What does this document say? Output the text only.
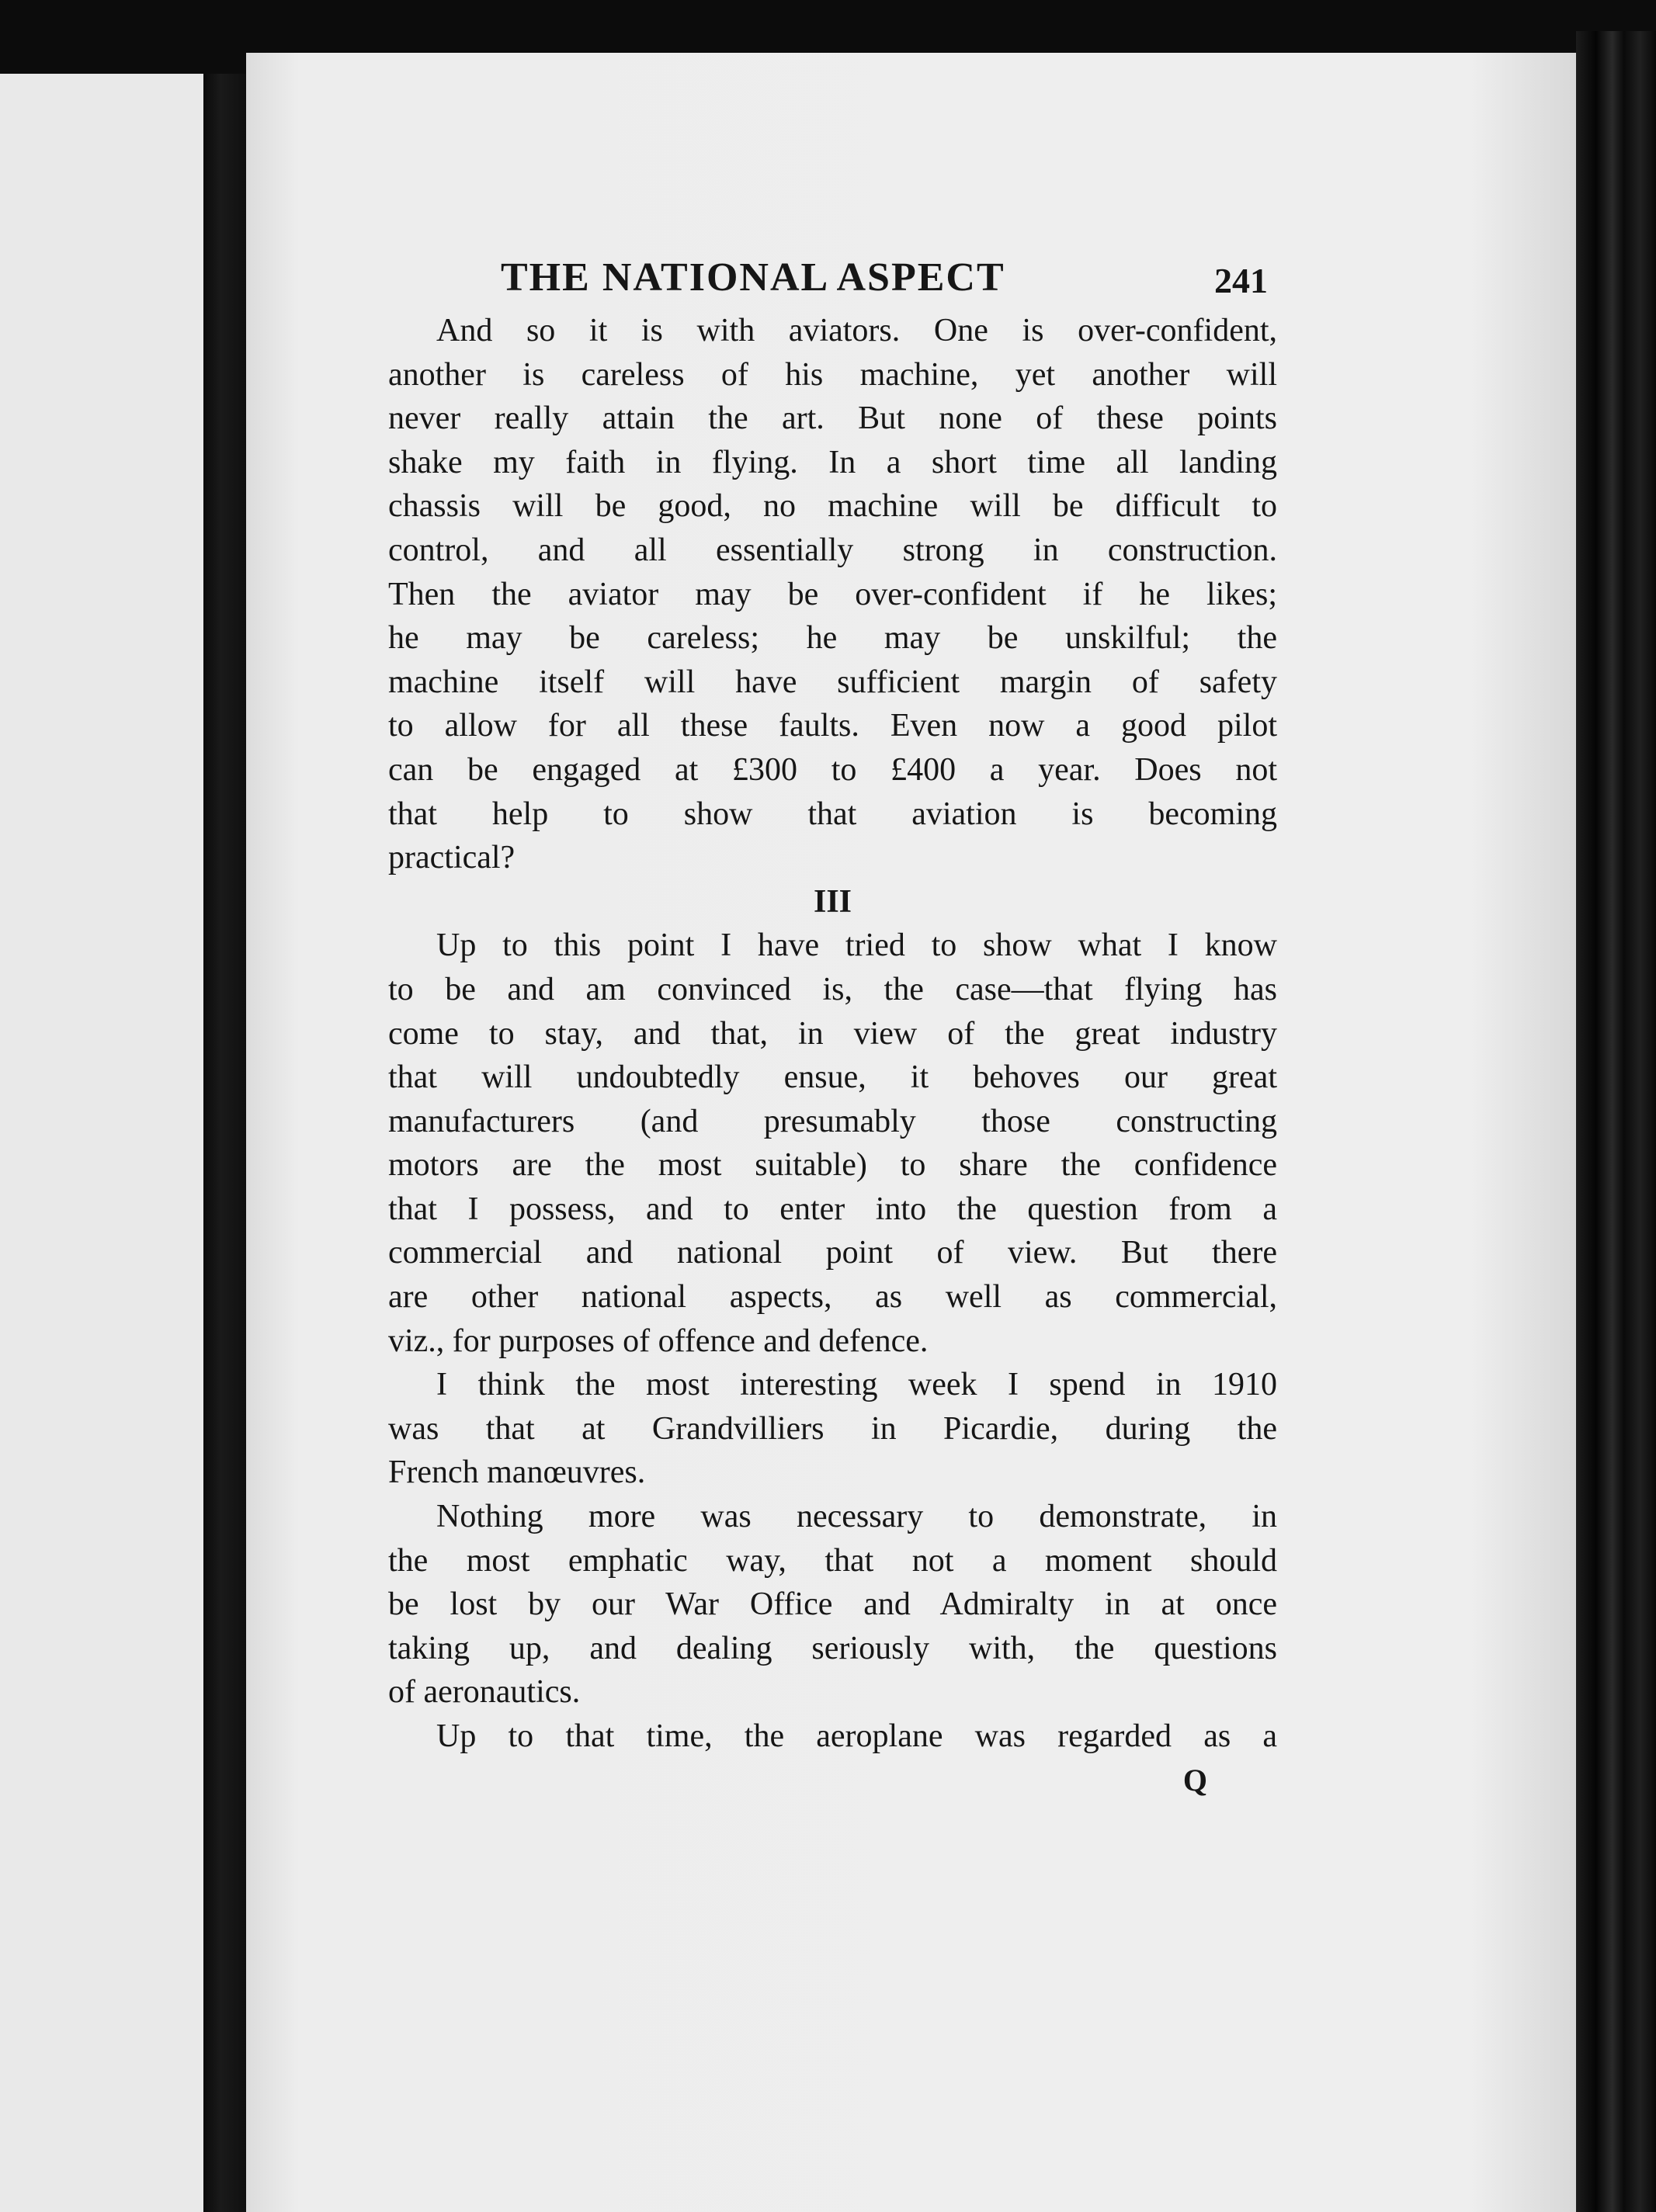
THE NATIONAL ASPECT	241
And so it is with aviators. One is over-confident,
another is careless of his machine, yet another will
never really attain the art. But none of these points
shake my faith in flying. In a short time all landing
chassis will be good, no machine will be difficult to
control, and all essentially strong in construction.
Then the aviator may be over-confident if he likes;
he may be careless; he may be unskilful; the
machine itself will have sufficient margin of safety
to allow for all these faults. Even now a good pilot
can be engaged at £300 to £400 a year. Does not
that help to show that aviation is becoming
practical?
III
Up to this point I have tried to show what I know
to be and am convinced is, the case—that flying has
come to stay, and that, in view of the great industry
that will undoubtedly ensue, it behoves our great
manufacturers (and presumably those constructing
motors are the most suitable) to share the confidence
that I possess, and to enter into the question from a
commercial and national point of view. But there
are other national aspects, as well as commercial,
viz., for purposes of offence and defence.
I think the most interesting week I spend in 1910
was that at Grandvilliers in Picardie, during the
French manœuvres.
Nothing more was necessary to demonstrate, in
the most emphatic way, that not a moment should
be lost by our War Office and Admiralty in at once
taking up, and dealing seriously with, the questions
of aeronautics.
Up to that time, the aeroplane was regarded as a
Q
